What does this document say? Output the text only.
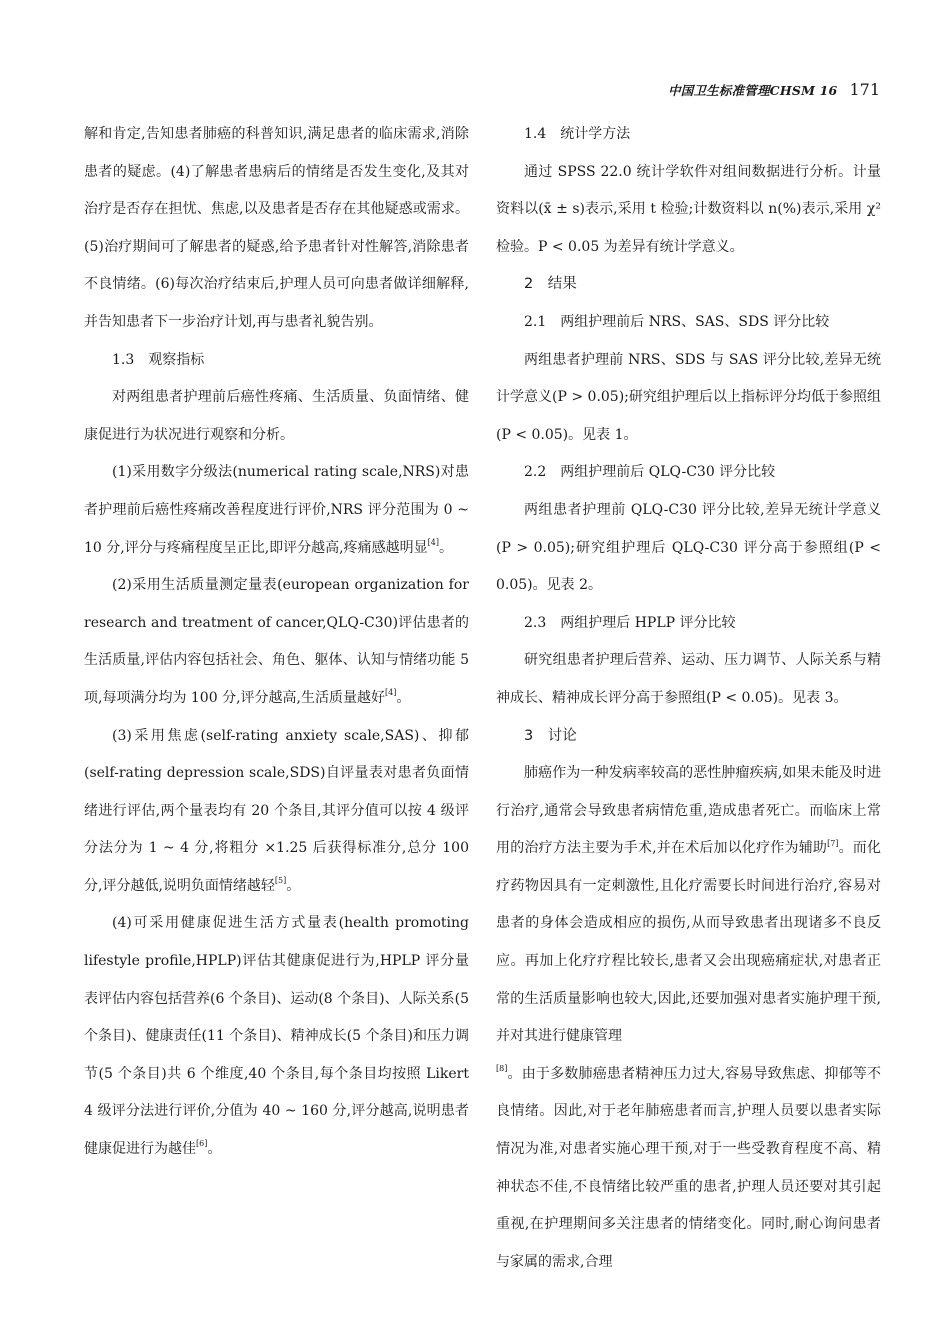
中国卫生标准管理CHSM 16 171
解和肯定,告知患者肺癌的科普知识,满足患者的临床需求,消除患者的疑虑。(4)了解患者患病后的情绪是否发生变化,及其对治疗是否存在担忧、焦虑,以及患者是否存在其他疑惑或需求。(5)治疗期间可了解患者的疑惑,给予患者针对性解答,消除患者不良情绪。(6)每次治疗结束后,护理人员可向患者做详细解释,并告知患者下一步治疗计划,再与患者礼貌告别。
1.3　观察指标
对两组患者护理前后癌性疼痛、生活质量、负面情绪、健康促进行为状况进行观察和分析。
(1)采用数字分级法(numerical rating scale,NRS)对患者护理前后癌性疼痛改善程度进行评价,NRS 评分范围为 0 ~ 10 分,评分与疼痛程度呈正比,即评分越高,疼痛感越明显[4]。
(2)采用生活质量测定量表(european organization for research and treatment of cancer,QLQ-C30)评估患者的生活质量,评估内容包括社会、角色、躯体、认知与情绪功能 5 项,每项满分均为 100 分,评分越高,生活质量越好[4]。
(3)采用焦虑(self-rating anxiety scale,SAS)、抑郁(self-rating depression scale,SDS)自评量表对患者负面情绪进行评估,两个量表均有 20 个条目,其评分值可以按 4 级评分法分为 1 ~ 4 分,将粗分 ×1.25 后获得标准分,总分 100 分,评分越低,说明负面情绪越轻[5]。
(4)可采用健康促进生活方式量表(health promoting lifestyle profile,HPLP)评估其健康促进行为,HPLP 评分量表评估内容包括营养(6 个条目)、运动(8 个条目)、人际关系(5 个条目)、健康责任(11 个条目)、精神成长(5 个条目)和压力调节(5 个条目)共 6 个维度,40 个条目,每个条目均按照 Likert 4 级评分法进行评价,分值为 40 ~ 160 分,评分越高,说明患者健康促进行为越佳[6]。
1.4　统计学方法
通过 SPSS 22.0 统计学软件对组间数据进行分析。计量资料以(x̄ ± s)表示,采用 t 检验;计数资料以 n(%)表示,采用 χ² 检验。P < 0.05 为差异有统计学意义。
2　结果
2.1　两组护理前后 NRS、SAS、SDS 评分比较
两组患者护理前 NRS、SDS 与 SAS 评分比较,差异无统计学意义(P > 0.05);研究组护理后以上指标评分均低于参照组(P < 0.05)。见表 1。
2.2　两组护理前后 QLQ-C30 评分比较
两组患者护理前 QLQ-C30 评分比较,差异无统计学意义(P > 0.05);研究组护理后 QLQ-C30 评分高于参照组(P < 0.05)。见表 2。
2.3　两组护理后 HPLP 评分比较
研究组患者护理后营养、运动、压力调节、人际关系与精神成长、精神成长评分高于参照组(P < 0.05)。见表 3。
3　讨论
肺癌作为一种发病率较高的恶性肿瘤疾病,如果未能及时进行治疗,通常会导致患者病情危重,造成患者死亡。而临床上常用的治疗方法主要为手术,并在术后加以化疗作为辅助[7]。而化疗药物因具有一定刺激性,且化疗需要长时间进行治疗,容易对患者的身体会造成相应的损伤,从而导致患者出现诸多不良反应。再加上化疗疗程比较长,患者又会出现癌痛症状,对患者正常的生活质量影响也较大,因此,还要加强对患者实施护理干预,并对其进行健康管理
[8]。由于多数肺癌患者精神压力过大,容易导致焦虑、抑郁等不良情绪。因此,对于老年肺癌患者而言,护理人员要以患者实际情况为准,对患者实施心理干预,对于一些受教育程度不高、精神状态不佳,不良情绪比较严重的患者,护理人员还要对其引起重视,在护理期间多关注患者的情绪变化。同时,耐心询问患者与家属的需求,合理
